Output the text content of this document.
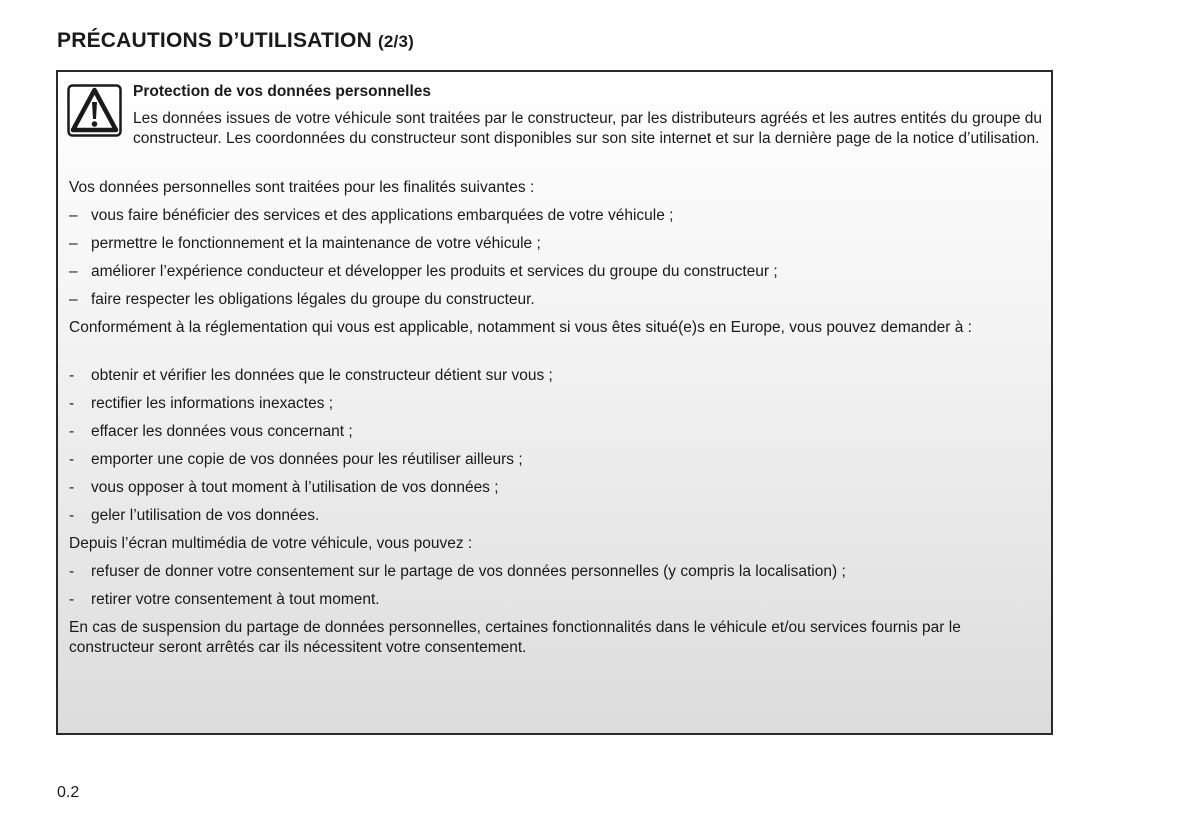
PRÉCAUTIONS D’UTILISATION (2/3)
Protection de vos données personnelles
Les données issues de votre véhicule sont traitées par le constructeur, par les distributeurs agréés et les autres entités du groupe du constructeur. Les coordonnées du constructeur sont disponibles sur son site internet et sur la dernière page de la notice d’utilisation.
Vos données personnelles sont traitées pour les finalités suivantes :
– vous faire bénéficier des services et des applications embarquées de votre véhicule ;
– permettre le fonctionnement et la maintenance de votre véhicule ;
– améliorer l’expérience conducteur et développer les produits et services du groupe du constructeur ;
– faire respecter les obligations légales du groupe du constructeur.
Conformément à la réglementation qui vous est applicable, notamment si vous êtes situé(e)s en Europe, vous pouvez demander à :
- obtenir et vérifier les données que le constructeur détient sur vous ;
- rectifier les informations inexactes ;
- effacer les données vous concernant ;
- emporter une copie de vos données pour les réutiliser ailleurs ;
- vous opposer à tout moment à l’utilisation de vos données ;
- geler l’utilisation de vos données.
Depuis l’écran multimédia de votre véhicule, vous pouvez :
- refuser de donner votre consentement sur le partage de vos données personnelles (y compris la localisation) ;
- retirer votre consentement à tout moment.
En cas de suspension du partage de données personnelles, certaines fonctionnalités dans le véhicule et/ou services fournis par le constructeur seront arrêtés car ils nécessitent votre consentement.
0.2
